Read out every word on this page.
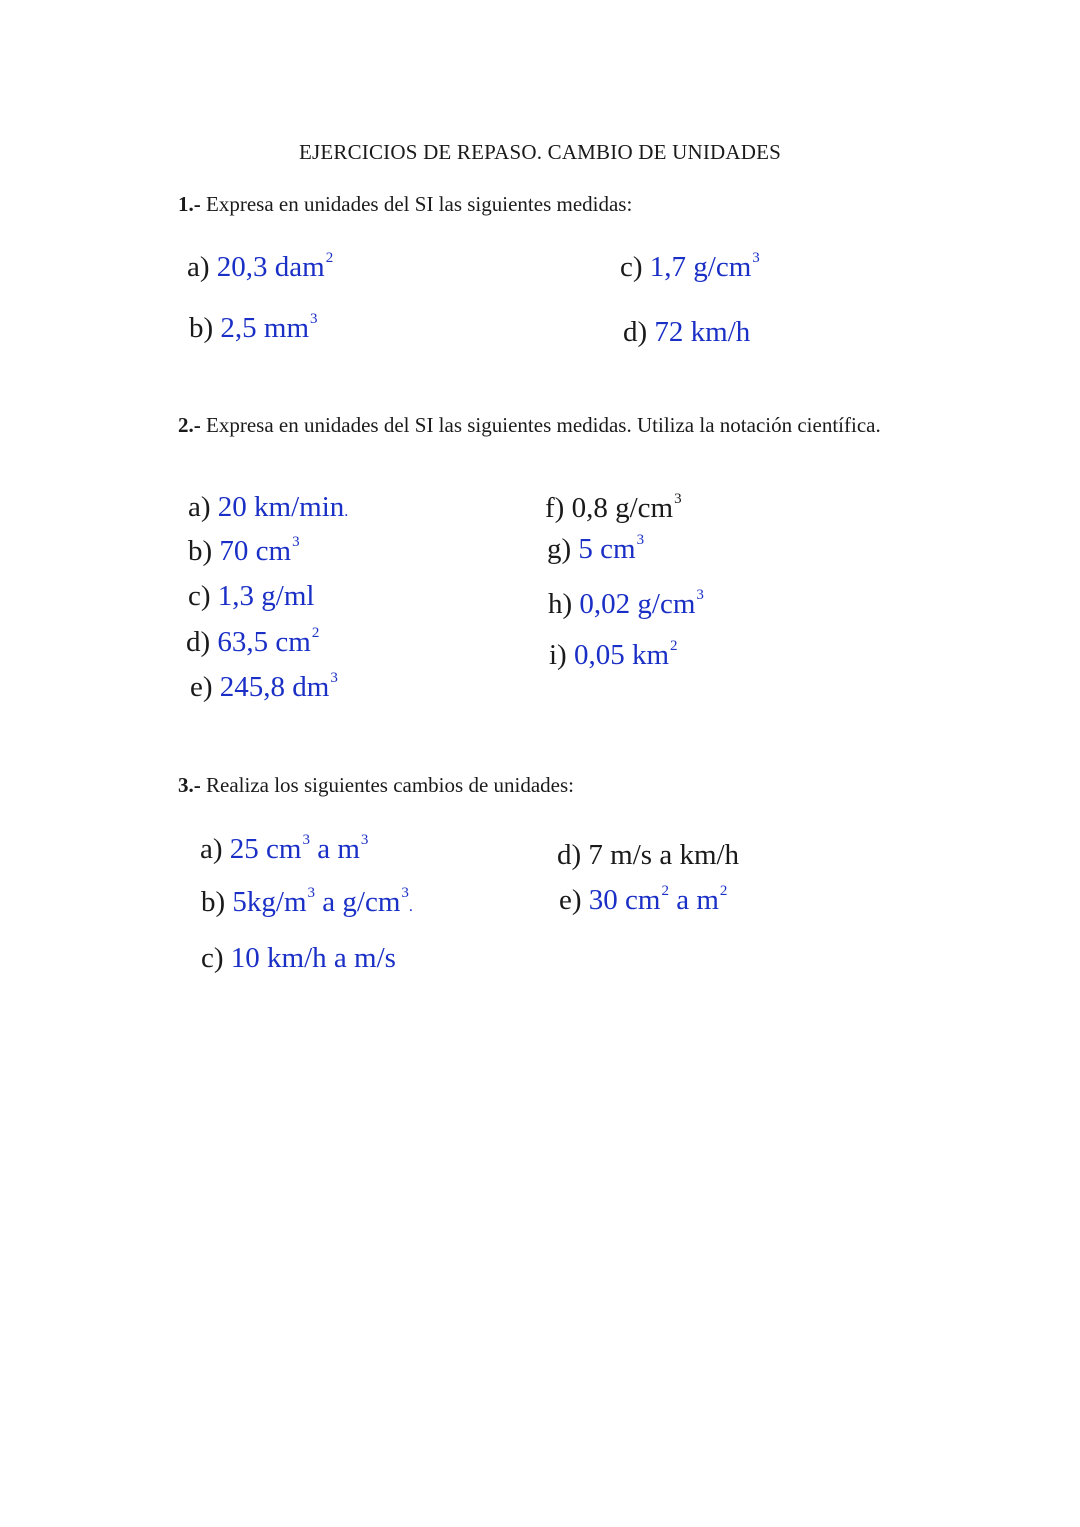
EJERCICIOS DE REPASO. CAMBIO DE UNIDADES
1.- Expresa en unidades del SI las siguientes medidas:
a) 20,3 dam$^2$
b) 2,5 $mm^3$
c) 1,7 $g/cm^3$
d) 72 km/h
2.- Expresa en unidades del SI las siguientes medidas. Utiliza la notación científica.
a) 20 km/min.
b) 70 $cm^3$
c) 1,3 g/ml
d) 63,5 $cm^2$
e) 245,8 $dm^3$
f) 0,8 $g/cm^3$
g) 5 $cm^3$
h) 0,02 $g/cm^3$
i) 0,05 $km^2$
3.- Realiza los siguientes cambios de unidades:
a) 25 $cm^3$ a $m^3$
b) $5kg/m^3$ a $g/cm^3$.
c) 10 km/h a m/s
d) 7 m/s a km/h
e) 30 $cm^2$ a $m^2$
